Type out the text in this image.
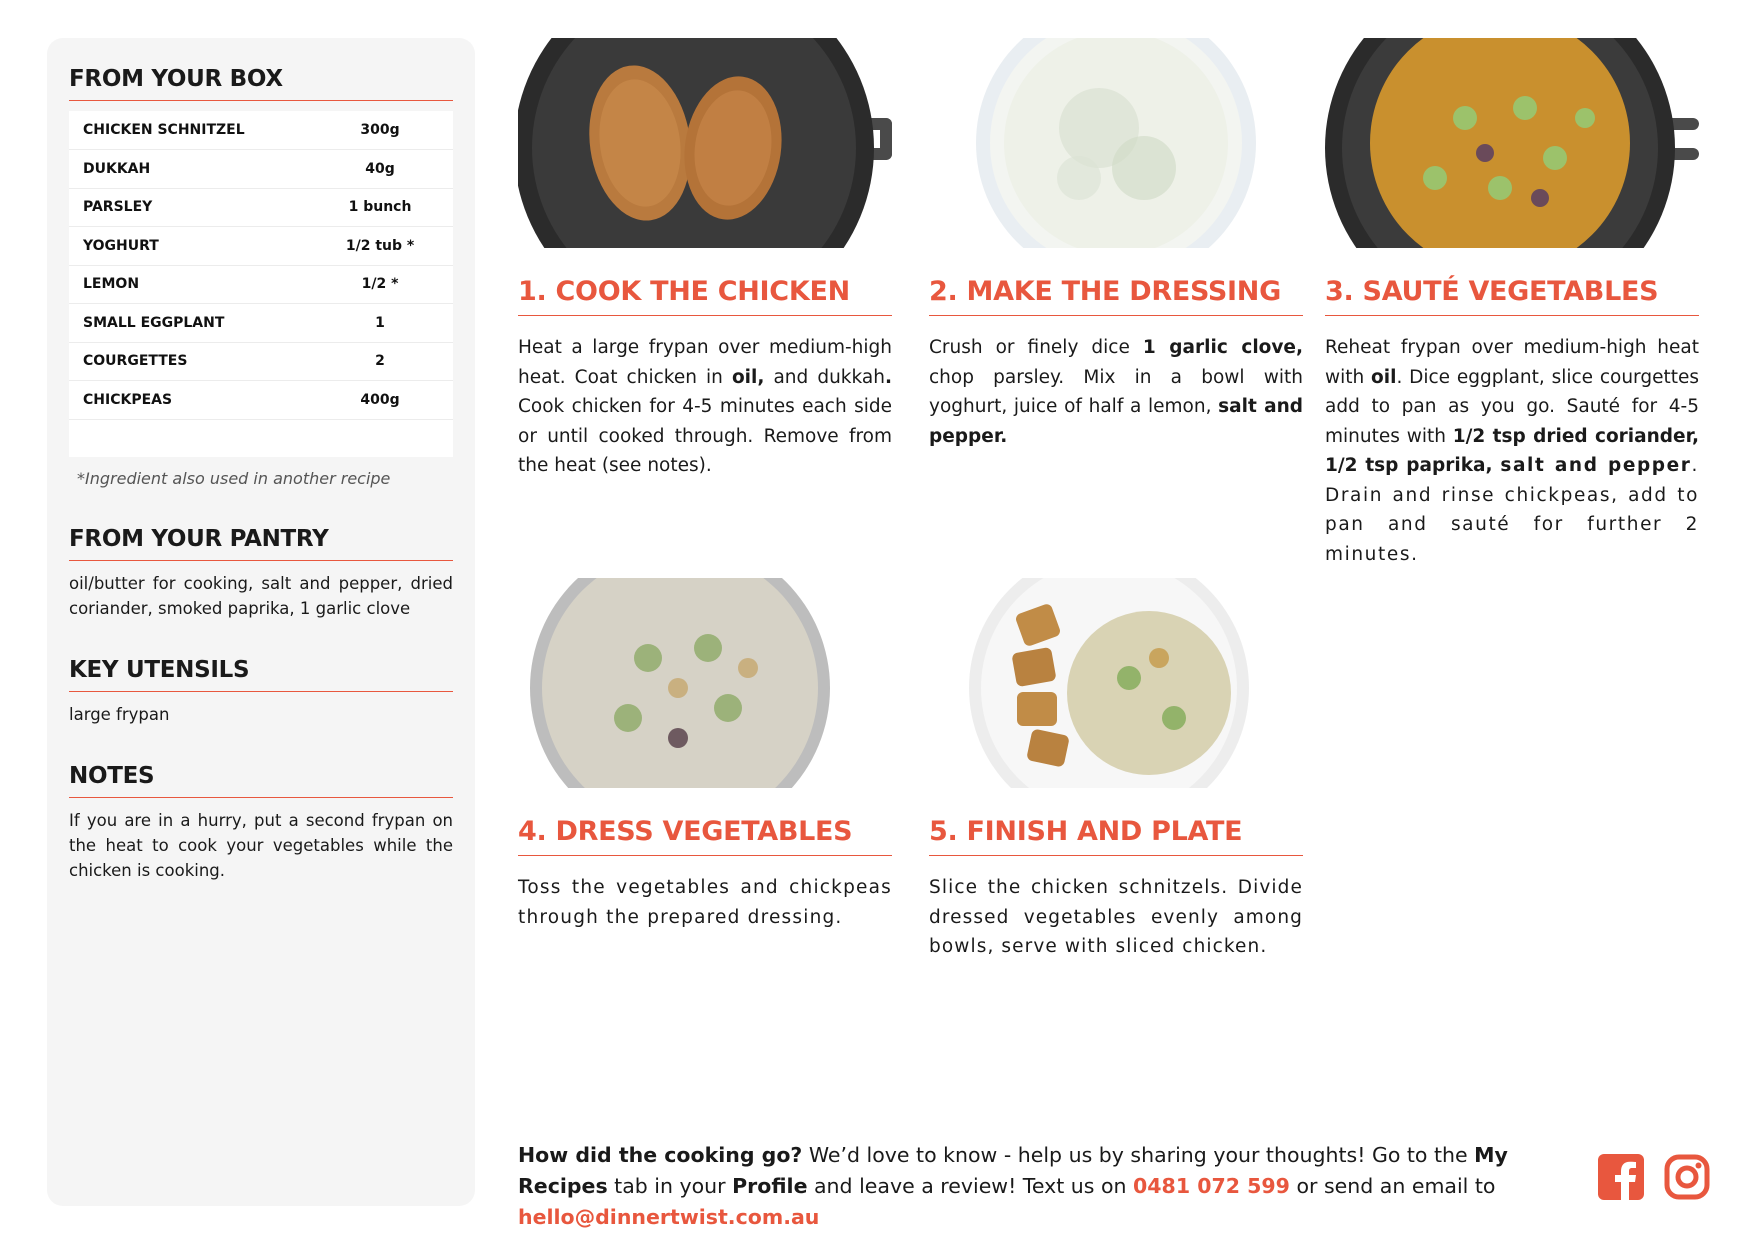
FROM YOUR BOX
CHICKEN SCHNITZEL	300g
DUKKAH	40g
PARSLEY	1 bunch
YOGHURT	1/2 tub *
LEMON	1/2 *
SMALL EGGPLANT	1
COURGETTES	2
CHICKPEAS	400g

*Ingredient also used in another recipe
FROM YOUR PANTRY
oil/butter for cooking, salt and pepper, dried coriander, smoked paprika, 1 garlic clove
KEY UTENSILS
large frypan
NOTES
If you are in a hurry, put a second frypan on the heat to cook your vegetables while the chicken is cooking.
1. COOK THE CHICKEN
Heat a large frypan over medium-high heat. Coat chicken in oil, and dukkah. Cook chicken for 4-5 minutes each side or until cooked through. Remove from the heat (see notes).
2. MAKE THE DRESSING
Crush or finely dice 1 garlic clove, chop parsley. Mix in a bowl with yoghurt, juice of half a lemon, salt and pepper.
3. SAUTÉ VEGETABLES
Reheat frypan over medium-high heat with oil. Dice eggplant, slice courgettes add to pan as you go. Sauté for 4-5 minutes with 1/2 tsp dried coriander, 1/2 tsp paprika, salt and pepper. Drain and rinse chickpeas, add to pan and sauté for further 2 minutes.
4. DRESS VEGETABLES
Toss the vegetables and chickpeas through the prepared dressing.
5. FINISH AND PLATE
Slice the chicken schnitzels. Divide dressed vegetables evenly among bowls, serve with sliced chicken.
How did the cooking go? We’d love to know - help us by sharing your thoughts! Go to the My Recipes tab in your Profile and leave a review! Text us on 0481 072 599 or send an email to hello@dinnertwist.com.au
